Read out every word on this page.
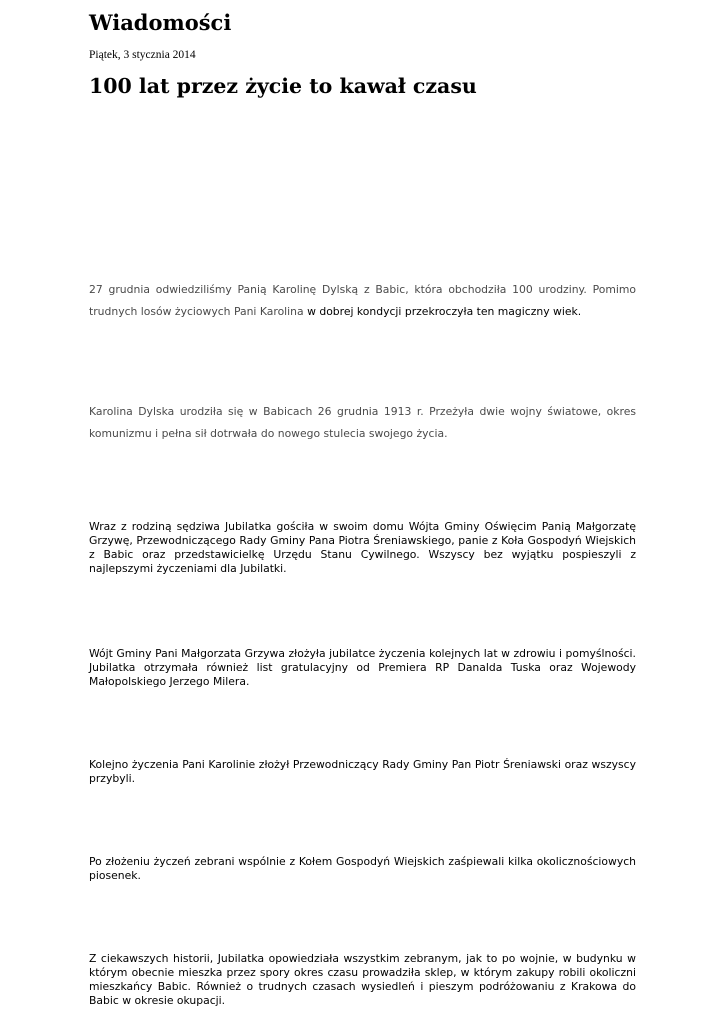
Wiadomości
Piątek, 3 stycznia 2014
100 lat przez życie to kawał czasu

27 grudnia odwiedziliśmy Panią Karolinę Dylską z Babic, która obchodziła 100 urodziny. Pomimo trudnych losów życiowych Pani Karolina w dobrej kondycji przekroczyła ten magiczny wiek.

Karolina Dylska urodziła się w Babicach 26 grudnia 1913 r. Przeżyła dwie wojny światowe, okres komunizmu i pełna sił dotrwała do nowego stulecia swojego życia.

Wraz z rodziną sędziwa Jubilatka gościła w swoim domu Wójta Gminy Oświęcim Panią Małgorzatę Grzywę, Przewodniczącego Rady Gminy Pana Piotra Śreniawskiego, panie z Koła Gospodyń Wiejskich z Babic oraz przedstawicielkę Urzędu Stanu Cywilnego. Wszyscy bez wyjątku pospieszyli z najlepszymi życzeniami dla Jubilatki.

Wójt Gminy Pani Małgorzata Grzywa złożyła jubilatce życzenia kolejnych lat w zdrowiu i pomyślności. Jubilatka otrzymała również list gratulacyjny od Premiera RP Danalda Tuska oraz Wojewody Małopolskiego Jerzego Milera.

Kolejno życzenia Pani Karolinie złożył Przewodniczący Rady Gminy Pan Piotr Śreniawski oraz wszyscy przybyli.

Po złożeniu życzeń zebrani wspólnie z Kołem Gospodyń Wiejskich zaśpiewali kilka okolicznościowych piosenek.

Z ciekawszych historii, Jubilatka opowiedziała wszystkim zebranym, jak to po wojnie, w budynku w którym obecnie mieszka przez spory okres czasu prowadziła sklep, w którym zakupy robili okoliczni mieszkańcy Babic. Również o trudnych czasach wysiedleń i pieszym podróżowaniu z Krakowa do Babic w okresie okupacji.
